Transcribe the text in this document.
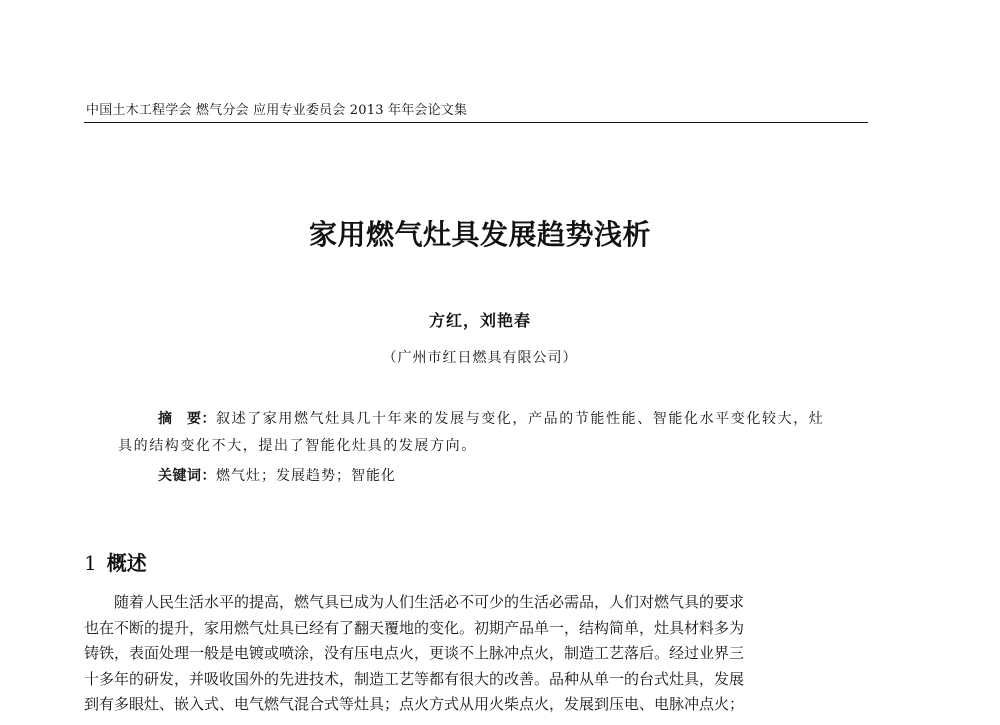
中国土木工程学会 燃气分会 应用专业委员会 2013 年年会论文集
家用燃气灶具发展趋势浅析
方红，刘艳春
（广州市红日燃具有限公司）

摘　要：叙述了家用燃气灶具几十年来的发展与变化，产品的节能性能、智能化水平变化较大，灶具的结构变化不大，提出了智能化灶具的发展方向。

关键词：燃气灶；发展趋势；智能化
1 概述
随着人民生活水平的提高，燃气具已成为人们生活必不可少的生活必需品，人们对燃气具的要求
也在不断的提升，家用燃气灶具已经有了翻天覆地的变化。初期产品单一，结构简单，灶具材料多为
铸铁，表面处理一般是电镀或喷涂，没有压电点火，更谈不上脉冲点火，制造工艺落后。经过业界三
十多年的研发，并吸收国外的先进技术，制造工艺等都有很大的改善。品种从单一的台式灶具，发展
到有多眼灶、嵌入式、电气燃气混合式等灶具；点火方式从用火柴点火，发展到压电、电脉冲点火；
